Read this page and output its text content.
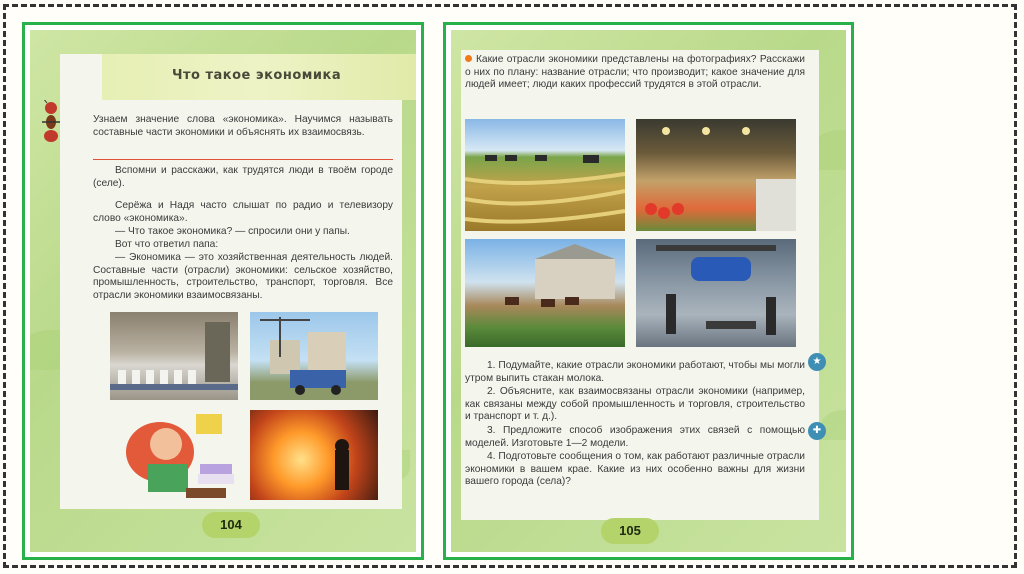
Что такое экономика
Узнаем значение слова «экономика». Научимся называть составные части экономики и объяснять их взаимосвязь.
Вспомни и расскажи, как трудятся люди в твоём городе (селе).
Серёжа и Надя часто слышат по радио и телевизору слово «экономика».
— Что такое экономика? — спросили они у папы.
Вот что ответил папа:
— Экономика — это хозяйственная деятельность людей. Составные части (отрасли) экономики: сельское хозяйство, промышленность, строительство, транспорт, торговля. Все отрасли экономики взаимосвязаны.
104
Какие отрасли экономики представлены на фотографиях? Расскажи о них по плану: название отрасли; что производит; какое значение для людей имеет; люди каких профессий трудятся в этой отрасли.
1. Подумайте, какие отрасли экономики работают, чтобы мы могли утром выпить стакан молока.
2. Объясните, как взаимосвязаны отрасли экономики (например, как связаны между собой промышленность и торговля, строительство и транспорт и т. д.).
3. Предложите способ изображения этих связей с помощью моделей. Изготовьте 1—2 модели.
4. Подготовьте сообщения о том, как работают различные отрасли экономики в вашем крае. Какие из них особенно важны для жизни вашего города (села)?
105
★
✚
